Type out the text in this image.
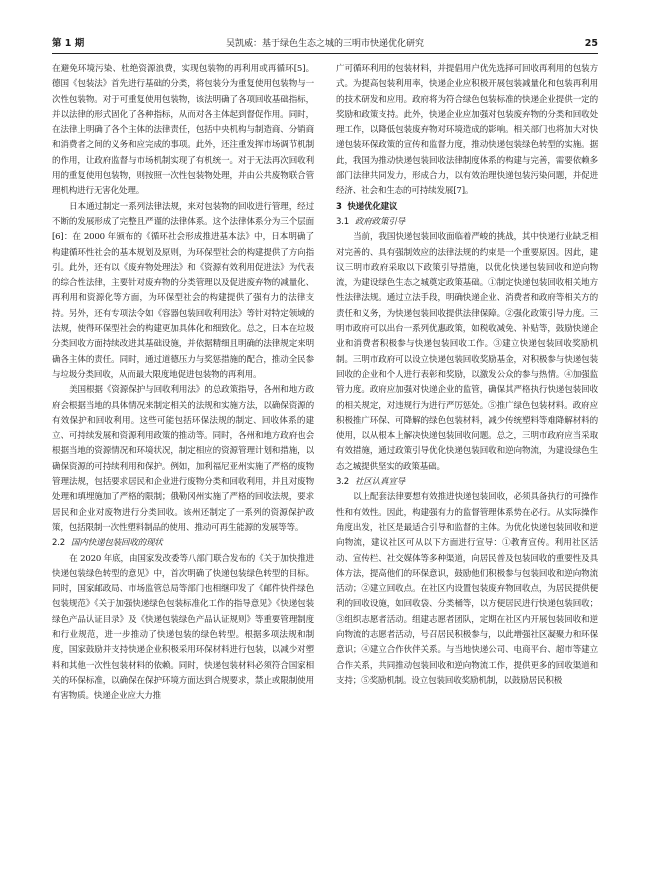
第 1 期	吴凯威：基于绿色生态之城的三明市快递优化研究	25

在避免环境污染、杜绝资源浪费，实现包装物的再利用或再循环[5]。德国《包装法》首先进行基础的分类，将包装分为重复使用包装物与一次性包装物。对于可重复使用包装物，该法明确了各项回收基础指标，并以法律的形式固化了各种指标，从而对各主体起到督促作用。同时，在法律上明确了各个主体的法律责任，包括中央机构与制造商、分销商和消费者之间的义务和应完成的事项。此外，还注重发挥市场调节机制的作用，让政府监督与市场机制实现了有机统一。对于无法再次回收利用的重复使用包装物，则按照一次性包装物处理，并由公共废物联合管理机构进行无害化处理。

日本通过制定一系列法律法规，来对包装物的回收进行管理，经过不断的发展形成了完整且严谨的法律体系。这个法律体系分为三个层面[6]：在 2000 年颁布的《循环社会形成推进基本法》中，日本明确了构建循环性社会的基本规划及原则，为环保型社会的构建提供了方向指引。此外，还有以《废弃物处理法》和《资源有效利用促进法》为代表的综合性法律，主要针对废弃物的分类管理以及促进废弃物的减量化、再利用和资源化等方面，为环保型社会的构建提供了强有力的法律支持。另外，还有专项法令如《容器包装回收利用法》等针对特定领域的法规，使得环保型社会的构建更加具体化和细致化。总之，日本在垃圾分类回收方面持续改进其基础设施，并依据精细且明确的法律规定来明确各主体的责任。同时，通过道德压力与奖惩措施的配合，推动全民参与垃圾分类回收，从而最大限度地促进包装物的再利用。

美国根据《资源保护与回收利用法》的总政策指导，各州和地方政府会根据当地的具体情况来制定相关的法规和实施方法，以确保资源的有效保护和回收利用。这些可能包括环保法规的制定、回收体系的建立、可持续发展和资源利用政策的推动等。同时，各州和地方政府也会根据当地的资源情况和环境状况，制定相应的资源管理计划和措施，以确保资源的可持续利用和保护。例如，加利福尼亚州实施了严格的废物管理法规，包括要求居民和企业进行废物分类和回收利用，并且对废物处理和填埋施加了严格的限制；俄勒冈州实施了严格的回收法规，要求居民和企业对废物进行分类回收。该州还制定了一系列的资源保护政策，包括限制一次性塑料制品的使用、推动可再生能源的发展等等。

2.2 国内快递包装回收的现状

在 2020 年底，由国家发改委等八部门联合发布的《关于加快推进快递包装绿色转型的意见》中，首次明确了快递包装绿色转型的目标。同时，国家邮政局、市场监管总局等部门也相继印发了《邮件快件绿色包装规范》《关于加强快递绿色包装标准化工作的指导意见》《快递包装绿色产品认证目录》及《快递包装绿色产品认证规则》等重要管理制度和行业规范，进一步推动了快递包装的绿色转型。根据多项法规和制度，国家鼓励并支持快递企业积极采用环保材料进行包装，以减少对塑料和其他一次性包装材料的依赖。同时，快递包装材料必须符合国家相关的环保标准，以确保在保护环境方面达到合规要求，禁止或限制使用有害物质。快递企业应大力推

广可循环利用的包装材料，并提倡用户优先选择可回收再利用的包装方式。为提高包装利用率，快递企业应积极开展包装减量化和包装再利用的技术研发和应用。政府将为符合绿色包装标准的快递企业提供一定的奖励和政策支持。此外，快递企业应加强对包装废弃物的分类和回收处理工作，以降低包装废弃物对环境造成的影响。相关部门也将加大对快递包装环保政策的宣传和监督力度，推动快递包装绿色转型的实施。据此，我国为推动快递包装回收法律制度体系的构建与完善，需要依赖多部门法律共同发力，形成合力，以有效治理快递包装污染问题，并促进经济、社会和生态的可持续发展[7]。

3 快递优化建议

3.1 政府政策引导

当前，我国快递包装回收面临着严峻的挑战，其中快递行业缺乏相对完善的、具有强制效应的法律法规的约束是一个重要原因。因此，建议三明市政府采取以下政策引导措施，以优化快递包装回收和逆向物流，为建设绿色生态之城奠定政策基础。①制定快递包装回收相关地方性法律法规。通过立法手段，明确快递企业、消费者和政府等相关方的责任和义务，为快递包装回收提供法律保障。②强化政策引导力度。三明市政府可以出台一系列优惠政策，如税收减免、补贴等，鼓励快递企业和消费者积极参与快递包装回收工作。③建立快递包装回收奖励机制。三明市政府可以设立快递包装回收奖励基金，对积极参与快递包装回收的企业和个人进行表彰和奖励，以激发公众的参与热情。④加强监管力度。政府应加强对快递企业的监管，确保其严格执行快递包装回收的相关规定，对违规行为进行严厉惩处。⑤推广绿色包装材料。政府应积极推广环保、可降解的绿色包装材料，减少传统塑料等难降解材料的使用，以从根本上解决快递包装回收问题。总之，三明市政府应当采取有效措施，通过政策引导优化快递包装回收和逆向物流，为建设绿色生态之城提供坚实的政策基础。

3.2 社区认真宣导

以上配套法律要想有效推进快递包装回收，必须具备执行的可操作性和有效性。因此，构建强有力的监督管理体系势在必行。从实际操作角度出发，社区是最适合引导和监督的主体。为优化快递包装回收和逆向物流，建议社区可从以下方面进行宣导：①教育宣传。利用社区活动、宣传栏、社交媒体等多种渠道，向居民普及包装回收的重要性及具体方法，提高他们的环保意识，鼓励他们积极参与包装回收和逆向物流活动；②建立回收点。在社区内设置包装废弃物回收点，为居民提供便利的回收设施，如回收袋、分类桶等，以方便居民进行快递包装回收；③组织志愿者活动。组建志愿者团队，定期在社区内开展包装回收和逆向物流的志愿者活动，号召居民积极参与，以此增强社区凝聚力和环保意识；④建立合作伙伴关系。与当地快递公司、电商平台、超市等建立合作关系，共同推动包装回收和逆向物流工作，提供更多的回收渠道和支持；⑤奖励机制。设立包装回收奖励机制，以鼓励居民积极
